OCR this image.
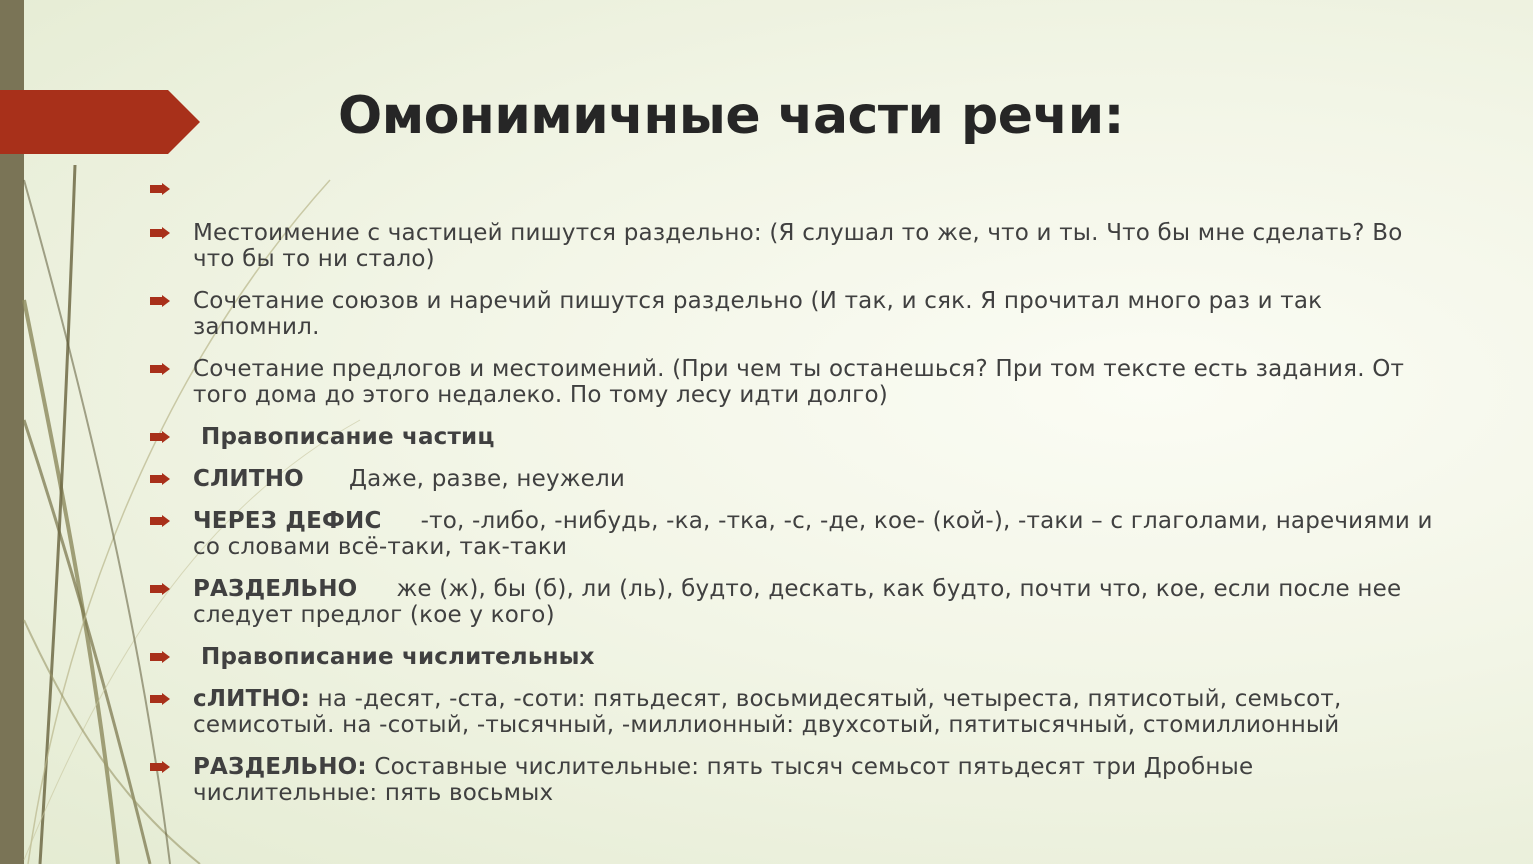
Омонимичные части речи:
Местоимение с частицей пишутся раздельно: (Я слушал то же, что и ты. Что бы мне сделать? Во что бы то ни стало)
Сочетание союзов и наречий пишутся раздельно (И так, и сяк. Я прочитал много раз и так запомнил.
Сочетание предлогов и местоимений. (При чем ты останешься? При том тексте есть задания. От того дома до этого недалеко. По тому лесу идти долго)
Правописание частиц
СЛИТНО Даже, разве, неужели
ЧЕРЕЗ ДЕФИС -то, -либо, -нибудь, -ка, -тка, -с, -де, кое- (кой-), -таки – с глаголами, наречиями и со словами всё-таки, так-таки
РАЗДЕЛЬНО же (ж), бы (б), ли (ль), будто, дескать, как будто, почти что, кое, если после нее следует предлог (кое у кого)
Правописание числительных
сЛИТНО: на -десят, -ста, -соти: пятьдесят, восьмидесятый, четыреста, пятисотый, семьсот, семисотый. на -сотый, -тысячный, -миллионный: двухсотый, пятитысячный, стомиллионный
РАЗДЕЛЬНО: Составные числительные: пять тысяч семьсот пятьдесят три Дробные числительные: пять восьмых
